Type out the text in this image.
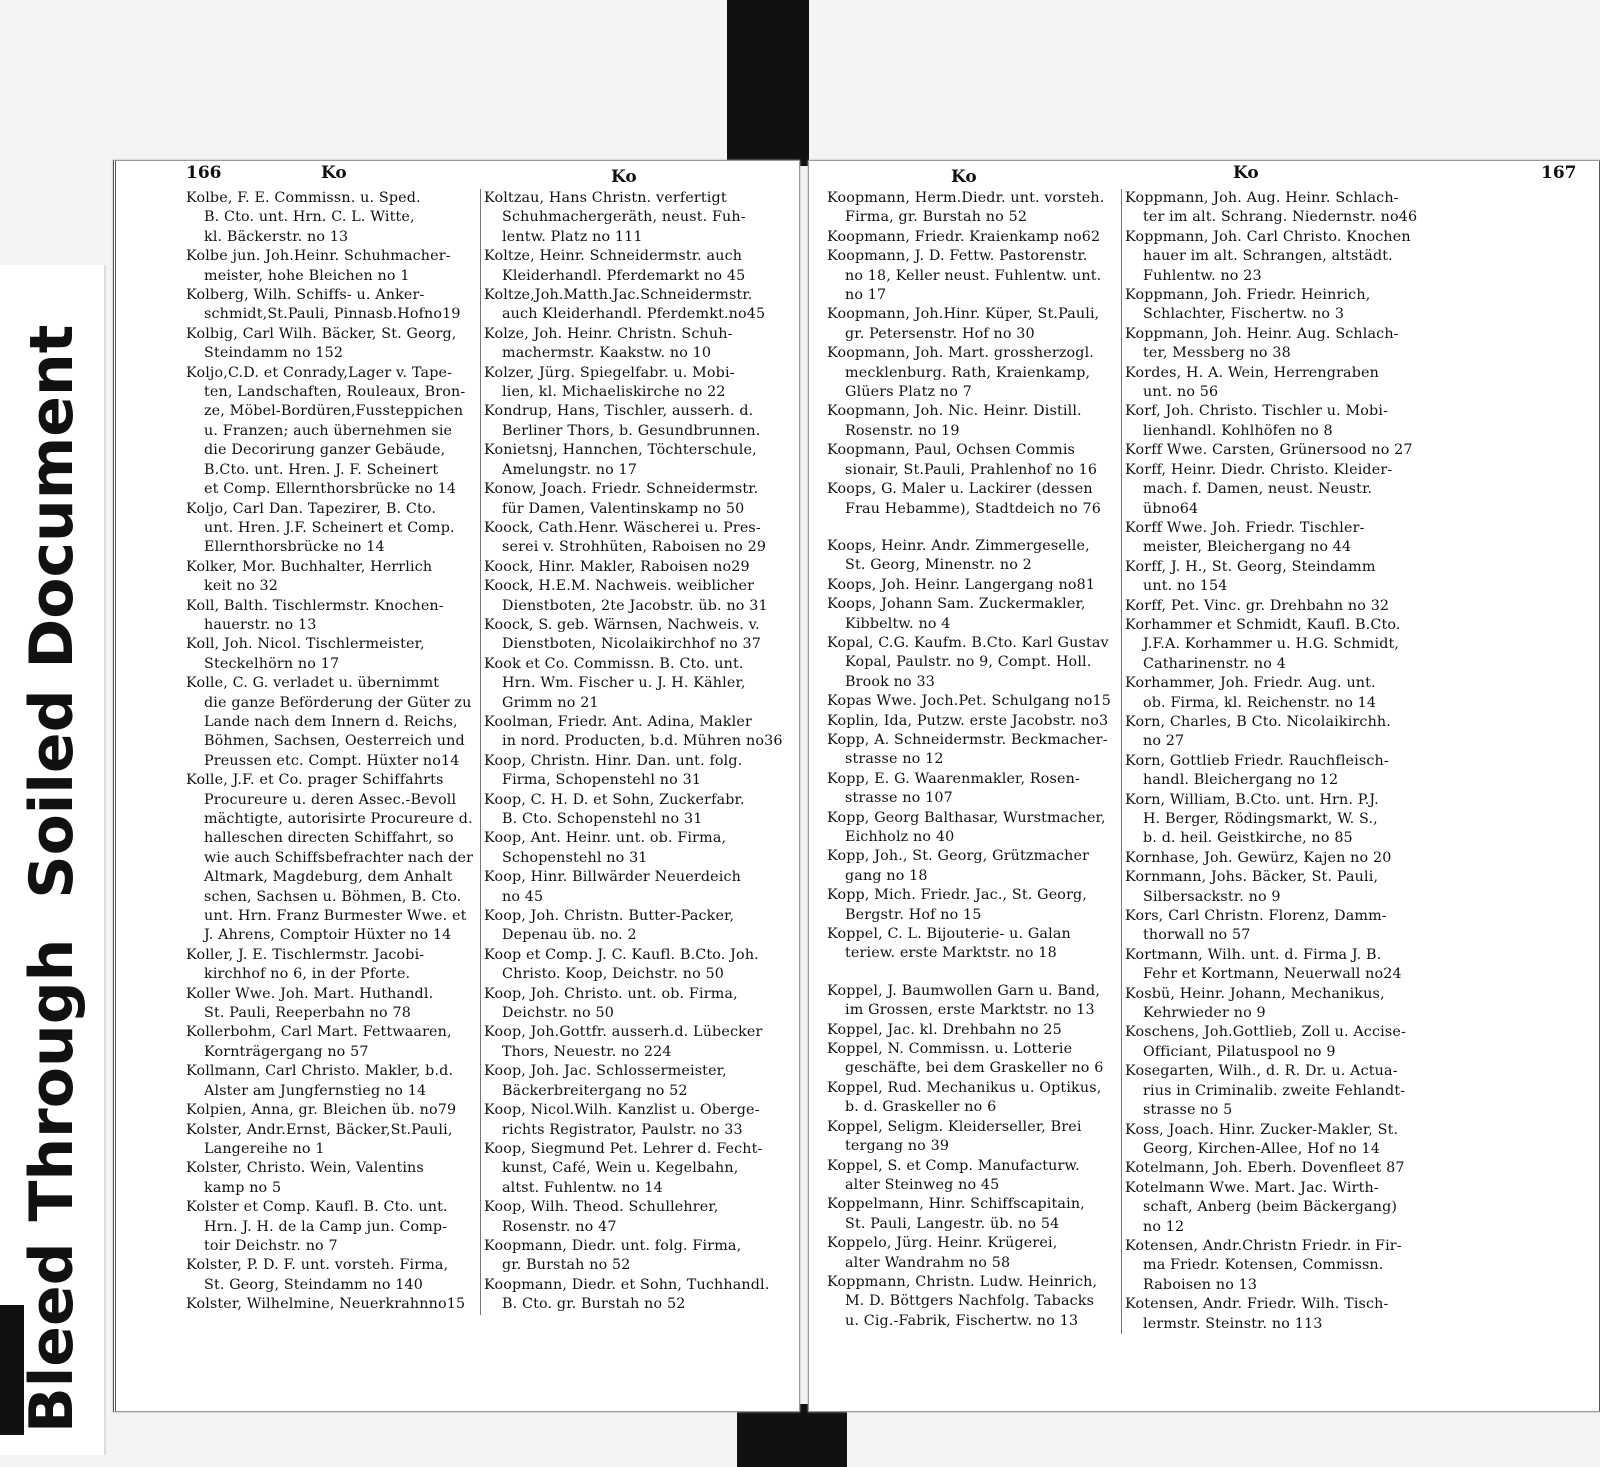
Bleed Through
Soiled Document
166	Ko	Ko
Kolbe, F. E. Commissn. u. Sped.
B. Cto. unt. Hrn. C. L. Witte,
kl. Bäckerstr. no 13
Kolbe jun. Joh.Heinr. Schuhmacher-
meister, hohe Bleichen no 1
Kolberg, Wilh. Schiffs- u. Anker-
schmidt,St.Pauli, Pinnasb.Hofno19
Kolbig, Carl Wilh. Bäcker, St. Georg,
Steindamm no 152
Koljo,C.D. et Conrady,Lager v. Tape-
ten, Landschaften, Rouleaux, Bron-
ze, Möbel-Bordüren,Fussteppichen
u. Franzen; auch übernehmen sie
die Decorirung ganzer Gebäude,
B.Cto. unt. Hren. J. F. Scheinert
et Comp. Ellernthorsbrücke no 14
Koljo, Carl Dan. Tapezirer, B. Cto.
unt. Hren. J.F. Scheinert et Comp.
Ellernthorsbrücke no 14
Kolker, Mor. Buchhalter, Herrlich
keit no 32
Koll, Balth. Tischlermstr. Knochen-
hauerstr. no 13
Koll, Joh. Nicol. Tischlermeister,
Steckelhörn no 17
Kolle, C. G. verladet u. übernimmt
die ganze Beförderung der Güter zu
Lande nach dem Innern d. Reichs,
Böhmen, Sachsen, Oesterreich und
Preussen etc. Compt. Hüxter no14
Kolle, J.F. et Co. prager Schiffahrts
Procureure u. deren Assec.-Bevoll
mächtigte, autorisirte Procureure d.
halleschen directen Schiffahrt, so
wie auch Schiffsbefrachter nach der
Altmark, Magdeburg, dem Anhalt
schen, Sachsen u. Böhmen, B. Cto.
unt. Hrn. Franz Burmester Wwe. et
J. Ahrens, Comptoir Hüxter no 14
Koller, J. E. Tischlermstr. Jacobi-
kirchhof no 6, in der Pforte.
Koller Wwe. Joh. Mart. Huthandl.
St. Pauli, Reeperbahn no 78
Kollerbohm, Carl Mart. Fettwaaren,
Kornträgergang no 57
Kollmann, Carl Christo. Makler, b.d.
Alster am Jungfernstieg no 14
Kolpien, Anna, gr. Bleichen üb. no79
Kolster, Andr.Ernst, Bäcker,St.Pauli,
Langereihe no 1
Kolster, Christo. Wein, Valentins
kamp no 5
Kolster et Comp. Kaufl. B. Cto. unt.
Hrn. J. H. de la Camp jun. Comp-
toir Deichstr. no 7
Kolster, P. D. F. unt. vorsteh. Firma,
St. Georg, Steindamm no 140
Kolster, Wilhelmine, Neuerkrahnno15
Koltzau, Hans Christn. verfertigt
Schuhmachergeräth, neust. Fuh-
lentw. Platz no 111
Koltze, Heinr. Schneidermstr. auch
Kleiderhandl. Pferdemarkt no 45
Koltze,Joh.Matth.Jac.Schneidermstr.
auch Kleiderhandl. Pferdemkt.no45
Kolze, Joh. Heinr. Christn. Schuh-
machermstr. Kaakstw. no 10
Kolzer, Jürg. Spiegelfabr. u. Mobi-
lien, kl. Michaeliskirche no 22
Kondrup, Hans, Tischler, ausserh. d.
Berliner Thors, b. Gesundbrunnen.
Konietsnj, Hannchen, Töchterschule,
Amelungstr. no 17
Konow, Joach. Friedr. Schneidermstr.
für Damen, Valentinskamp no 50
Koock, Cath.Henr. Wäscherei u. Pres-
serei v. Strohhüten, Raboisen no 29
Koock, Hinr. Makler, Raboisen no29
Koock, H.E.M. Nachweis. weiblicher
Dienstboten, 2te Jacobstr. üb. no 31
Koock, S. geb. Wärnsen, Nachweis. v.
Dienstboten, Nicolaikirchhof no 37
Kook et Co. Commissn. B. Cto. unt.
Hrn. Wm. Fischer u. J. H. Kähler,
Grimm no 21
Koolman, Friedr. Ant. Adina, Makler
in nord. Producten, b.d. Mühren no36
Koop, Christn. Hinr. Dan. unt. folg.
Firma, Schopenstehl no 31
Koop, C. H. D. et Sohn, Zuckerfabr.
B. Cto. Schopenstehl no 31
Koop, Ant. Heinr. unt. ob. Firma,
Schopenstehl no 31
Koop, Hinr. Billwärder Neuerdeich
no 45
Koop, Joh. Christn. Butter-Packer,
Depenau üb. no. 2
Koop et Comp. J. C. Kaufl. B.Cto. Joh.
Christo. Koop, Deichstr. no 50
Koop, Joh. Christo. unt. ob. Firma,
Deichstr. no 50
Koop, Joh.Gottfr. ausserh.d. Lübecker
Thors, Neuestr. no 224
Koop, Joh. Jac. Schlossermeister,
Bäckerbreitergang no 52
Koop, Nicol.Wilh. Kanzlist u. Oberge-
richts Registrator, Paulstr. no 33
Koop, Siegmund Pet. Lehrer d. Fecht-
kunst, Café, Wein u. Kegelbahn,
altst. Fuhlentw. no 14
Koop, Wilh. Theod. Schullehrer,
Rosenstr. no 47
Koopmann, Diedr. unt. folg. Firma,
gr. Burstah no 52
Koopmann, Diedr. et Sohn, Tuchhandl.
B. Cto. gr. Burstah no 52
Ko	Ko	167
Koopmann, Herm.Diedr. unt. vorsteh.
Firma, gr. Burstah no 52
Koopmann, Friedr. Kraienkamp no62
Koopmann, J. D. Fettw. Pastorenstr.
no 18, Keller neust. Fuhlentw. unt.
no 17
Koopmann, Joh.Hinr. Küper, St.Pauli,
gr. Petersenstr. Hof no 30
Koopmann, Joh. Mart. grossherzogl.
mecklenburg. Rath, Kraienkamp,
Glüers Platz no 7
Koopmann, Joh. Nic. Heinr. Distill.
Rosenstr. no 19
Koopmann, Paul, Ochsen Commis
sionair, St.Pauli, Prahlenhof no 16
Koops, G. Maler u. Lackirer (dessen
Frau Hebamme), Stadtdeich no 76
Koops, Heinr. Andr. Zimmergeselle,
St. Georg, Minenstr. no 2
Koops, Joh. Heinr. Langergang no81
Koops, Johann Sam. Zuckermakler,
Kibbeltw. no 4
Kopal, C.G. Kaufm. B.Cto. Karl Gustav
Kopal, Paulstr. no 9, Compt. Holl.
Brook no 33
Kopas Wwe. Joch.Pet. Schulgang no15
Koplin, Ida, Putzw. erste Jacobstr. no3
Kopp, A. Schneidermstr. Beckmacher-
strasse no 12
Kopp, E. G. Waarenmakler, Rosen-
strasse no 107
Kopp, Georg Balthasar, Wurstmacher,
Eichholz no 40
Kopp, Joh., St. Georg, Grützmacher
gang no 18
Kopp, Mich. Friedr. Jac., St. Georg,
Bergstr. Hof no 15
Koppel, C. L. Bijouterie- u. Galan
teriew. erste Marktstr. no 18
Koppel, J. Baumwollen Garn u. Band,
im Grossen, erste Marktstr. no 13
Koppel, Jac. kl. Drehbahn no 25
Koppel, N. Commissn. u. Lotterie
geschäfte, bei dem Graskeller no 6
Koppel, Rud. Mechanikus u. Optikus,
b. d. Graskeller no 6
Koppel, Seligm. Kleiderseller, Brei
tergang no 39
Koppel, S. et Comp. Manufacturw.
alter Steinweg no 45
Koppelmann, Hinr. Schiffscapitain,
St. Pauli, Langestr. üb. no 54
Koppelo, Jürg. Heinr. Krügerei,
alter Wandrahm no 58
Koppmann, Christn. Ludw. Heinrich,
M. D. Böttgers Nachfolg. Tabacks
u. Cig.-Fabrik, Fischertw. no 13
Koppmann, Joh. Aug. Heinr. Schlach-
ter im alt. Schrang. Niedernstr. no46
Koppmann, Joh. Carl Christo. Knochen
hauer im alt. Schrangen, altstädt.
Fuhlentw. no 23
Koppmann, Joh. Friedr. Heinrich,
Schlachter, Fischertw. no 3
Koppmann, Joh. Heinr. Aug. Schlach-
ter, Messberg no 38
Kordes, H. A. Wein, Herrengraben
unt. no 56
Korf, Joh. Christo. Tischler u. Mobi-
lienhandl. Kohlhöfen no 8
Korff Wwe. Carsten, Grünersood no 27
Korff, Heinr. Diedr. Christo. Kleider-
mach. f. Damen, neust. Neustr. übno64
Korff Wwe. Joh. Friedr. Tischler-
meister, Bleichergang no 44
Korff, J. H., St. Georg, Steindamm
unt. no 154
Korff, Pet. Vinc. gr. Drehbahn no 32
Korhammer et Schmidt, Kaufl. B.Cto.
J.F.A. Korhammer u. H.G. Schmidt,
Catharinenstr. no 4
Korhammer, Joh. Friedr. Aug. unt.
ob. Firma, kl. Reichenstr. no 14
Korn, Charles, B Cto. Nicolaikirchh.
no 27
Korn, Gottlieb Friedr. Rauchfleisch-
handl. Bleichergang no 12
Korn, William, B.Cto. unt. Hrn. P.J.
H. Berger, Rödingsmarkt, W. S.,
b. d. heil. Geistkirche, no 85
Kornhase, Joh. Gewürz, Kajen no 20
Kornmann, Johs. Bäcker, St. Pauli,
Silbersackstr. no 9
Kors, Carl Christn. Florenz, Damm-
thorwall no 57
Kortmann, Wilh. unt. d. Firma J. B.
Fehr et Kortmann, Neuerwall no24
Kosbü, Heinr. Johann, Mechanikus,
Kehrwieder no 9
Koschens, Joh.Gottlieb, Zoll u. Accise-
Officiant, Pilatuspool no 9
Kosegarten, Wilh., d. R. Dr. u. Actua-
rius in Criminalib. zweite Fehlandt-
strasse no 5
Koss, Joach. Hinr. Zucker-Makler, St.
Georg, Kirchen-Allee, Hof no 14
Kotelmann, Joh. Eberh. Dovenfleet 87
Kotelmann Wwe. Mart. Jac. Wirth-
schaft, Anberg (beim Bäckergang)
no 12
Kotensen, Andr.Christn Friedr. in Fir-
ma Friedr. Kotensen, Commissn.
Raboisen no 13
Kotensen, Andr. Friedr. Wilh. Tisch-
lermstr. Steinstr. no 113
